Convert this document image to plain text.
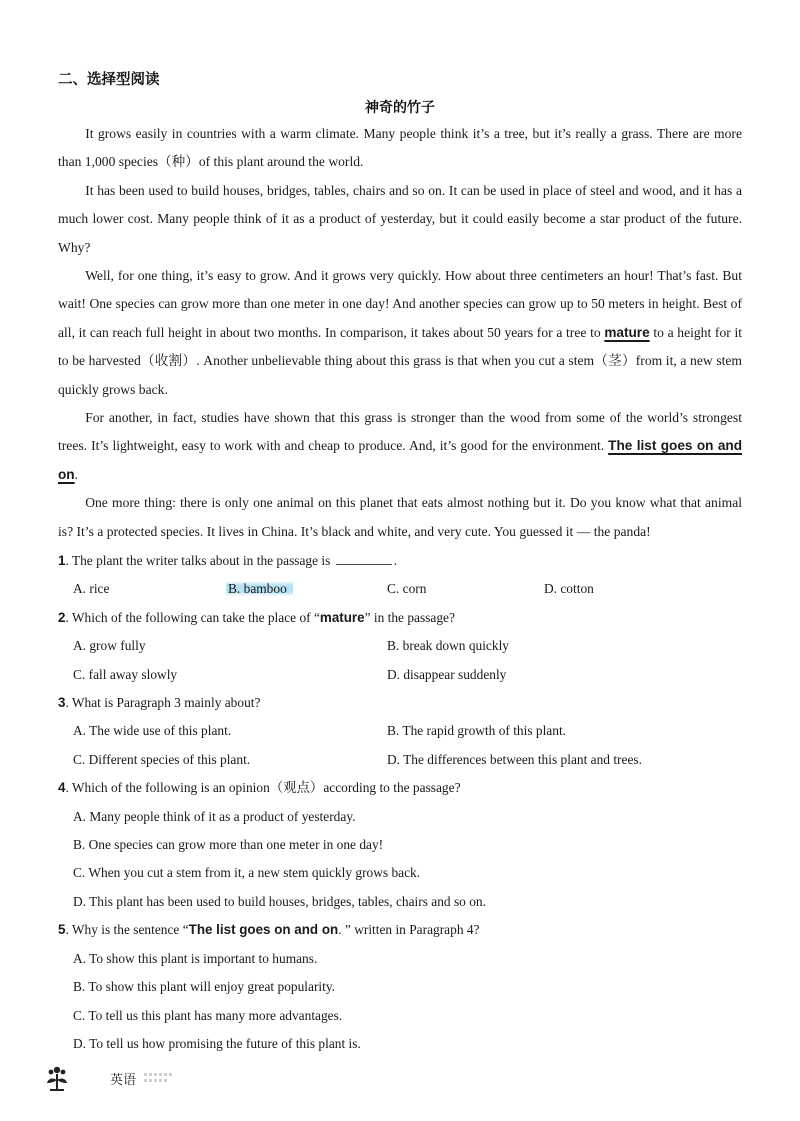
二、选择型阅读
神奇的竹子

It grows easily in countries with a warm climate. Many people think it’s a tree, but it’s really a grass. There are more than 1,000 species（种）of this plant around the world.

It has been used to build houses, bridges, tables, chairs and so on. It can be used in place of steel and wood, and it has a much lower cost. Many people think of it as a product of yesterday, but it could easily become a star product of the future. Why?

Well, for one thing, it’s easy to grow. And it grows very quickly. How about three centimeters an hour! That’s fast. But wait! One species can grow more than one meter in one day! And another species can grow up to 50 meters in height. Best of all, it can reach full height in about two months. In comparison, it takes about 50 years for a tree to mature to a height for it to be harvested（收割）. Another unbelievable thing about this grass is that when you cut a stem（茎）from it, a new stem quickly grows back.

For another, in fact, studies have shown that this grass is stronger than the wood from some of the world’s strongest trees. It’s lightweight, easy to work with and cheap to produce. And, it’s good for the environment. The list goes on and on.

One more thing: there is only one animal on this planet that eats almost nothing but it. Do you know what that animal is? It’s a protected species. It lives in China. It’s black and white, and very cute. You guessed it — the panda!

1 . The plant the writer talks about in the passage is	.
A. rice	B. bamboo	C. corn	D. cotton
2 . Which of the following can take the place of “mature” in the passage?
A. grow fully	B. break down quickly
C. fall away slowly	D. disappear suddenly
3 . What is Paragraph 3 mainly about?
A. The wide use of this plant.	B. The rapid growth of this plant.
C. Different species of this plant.	D. The differences between this plant and trees.
4 . Which of the following is an opinion（观点）according to the passage?
A. Many people think of it as a product of yesterday.
B. One species can grow more than one meter in one day!
C. When you cut a stem from it, a new stem quickly grows back.
D. This plant has been used to build houses, bridges, tables, chairs and so on.
5 . Why is the sentence “The list goes on and on. ” written in Paragraph 4?
A. To show this plant is important to humans.
B. To show this plant will enjoy great popularity.
C. To tell us this plant has many more advantages.
D. To tell us how promising the future of this plant is.
英语
